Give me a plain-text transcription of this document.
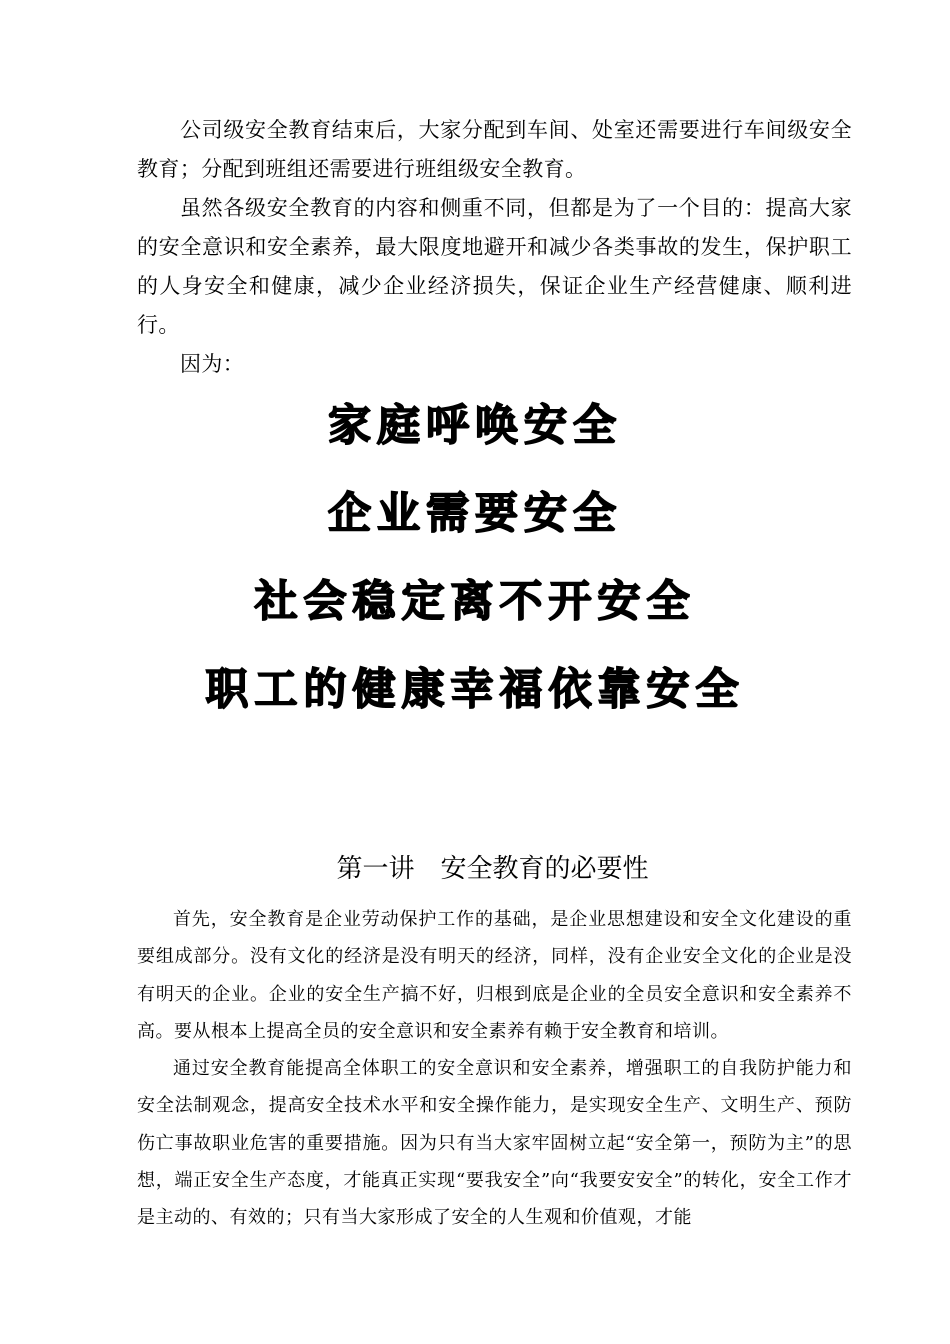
公司级安全教育结束后，大家分配到车间、处室还需要进行车间级安全教育；分配到班组还需要进行班组级安全教育。

虽然各级安全教育的内容和侧重不同，但都是为了一个目的：提高大家的安全意识和安全素养，最大限度地避开和减少各类事故的发生，保护职工的人身安全和健康，减少企业经济损失，保证企业生产经营健康、顺利进行。

因为：

家庭呼唤安全
企业需要安全
社会稳定离不开安全
职工的健康幸福依靠安全
第一讲　安全教育的必要性

首先，安全教育是企业劳动保护工作的基础，是企业思想建设和安全文化建设的重要组成部分。没有文化的经济是没有明天的经济，同样，没有企业安全文化的企业是没有明天的企业。企业的安全生产搞不好，归根到底是企业的全员安全意识和安全素养不高。要从根本上提高全员的安全意识和安全素养有赖于安全教育和培训。

通过安全教育能提高全体职工的安全意识和安全素养，增强职工的自我防护能力和安全法制观念，提高安全技术水平和安全操作能力，是实现安全生产、文明生产、预防伤亡事故职业危害的重要措施。因为只有当大家牢固树立起“安全第一，预防为主”的思想，端正安全生产态度，才能真正实现“要我安全”向“我要安安全”的转化，安全工作才是主动的、有效的；只有当大家形成了安全的人生观和价值观，才能
